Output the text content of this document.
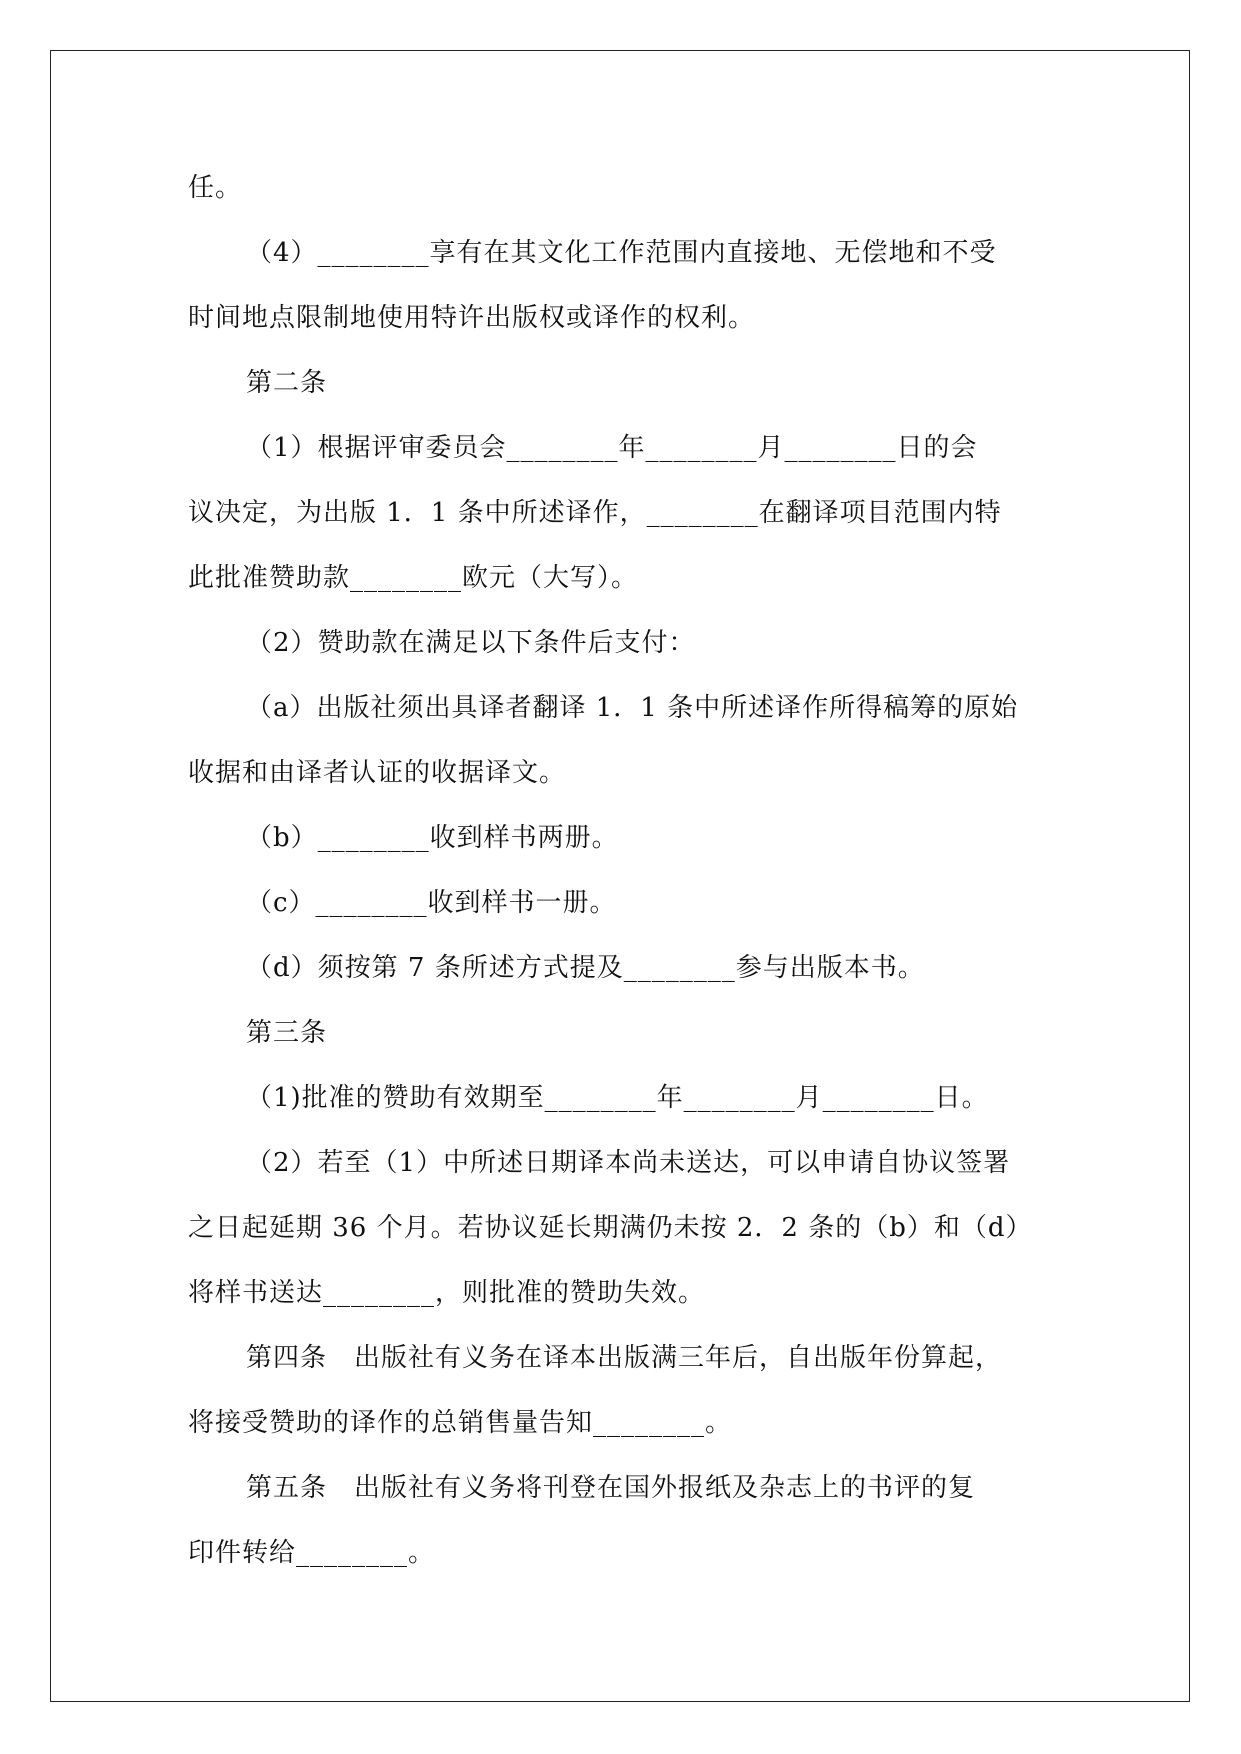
任。
（4）________享有在其文化工作范围内直接地、无偿地和不受
时间地点限制地使用特许出版权或译作的权利。
第二条
（1）根据评审委员会________年________月________日的会
议决定，为出版 1．1 条中所述译作，________在翻译项目范围内特
此批准赞助款________欧元（大写）。
（2）赞助款在满足以下条件后支付：
（a）出版社须出具译者翻译 1．1 条中所述译作所得稿筹的原始
收据和由译者认证的收据译文。
（b）________收到样书两册。
（c）________收到样书一册。
（d）须按第 7 条所述方式提及________参与出版本书。
第三条
（1)批准的赞助有效期至________年________月________日。
（2）若至（1）中所述日期译本尚未送达，可以申请自协议签署
之日起延期 36 个月。若协议延长期满仍未按 2．2 条的（b）和（d）
将样书送达________，则批准的赞助失效。
第四条　出版社有义务在译本出版满三年后，自出版年份算起，
将接受赞助的译作的总销售量告知________。
第五条　出版社有义务将刊登在国外报纸及杂志上的书评的复
印件转给________。
